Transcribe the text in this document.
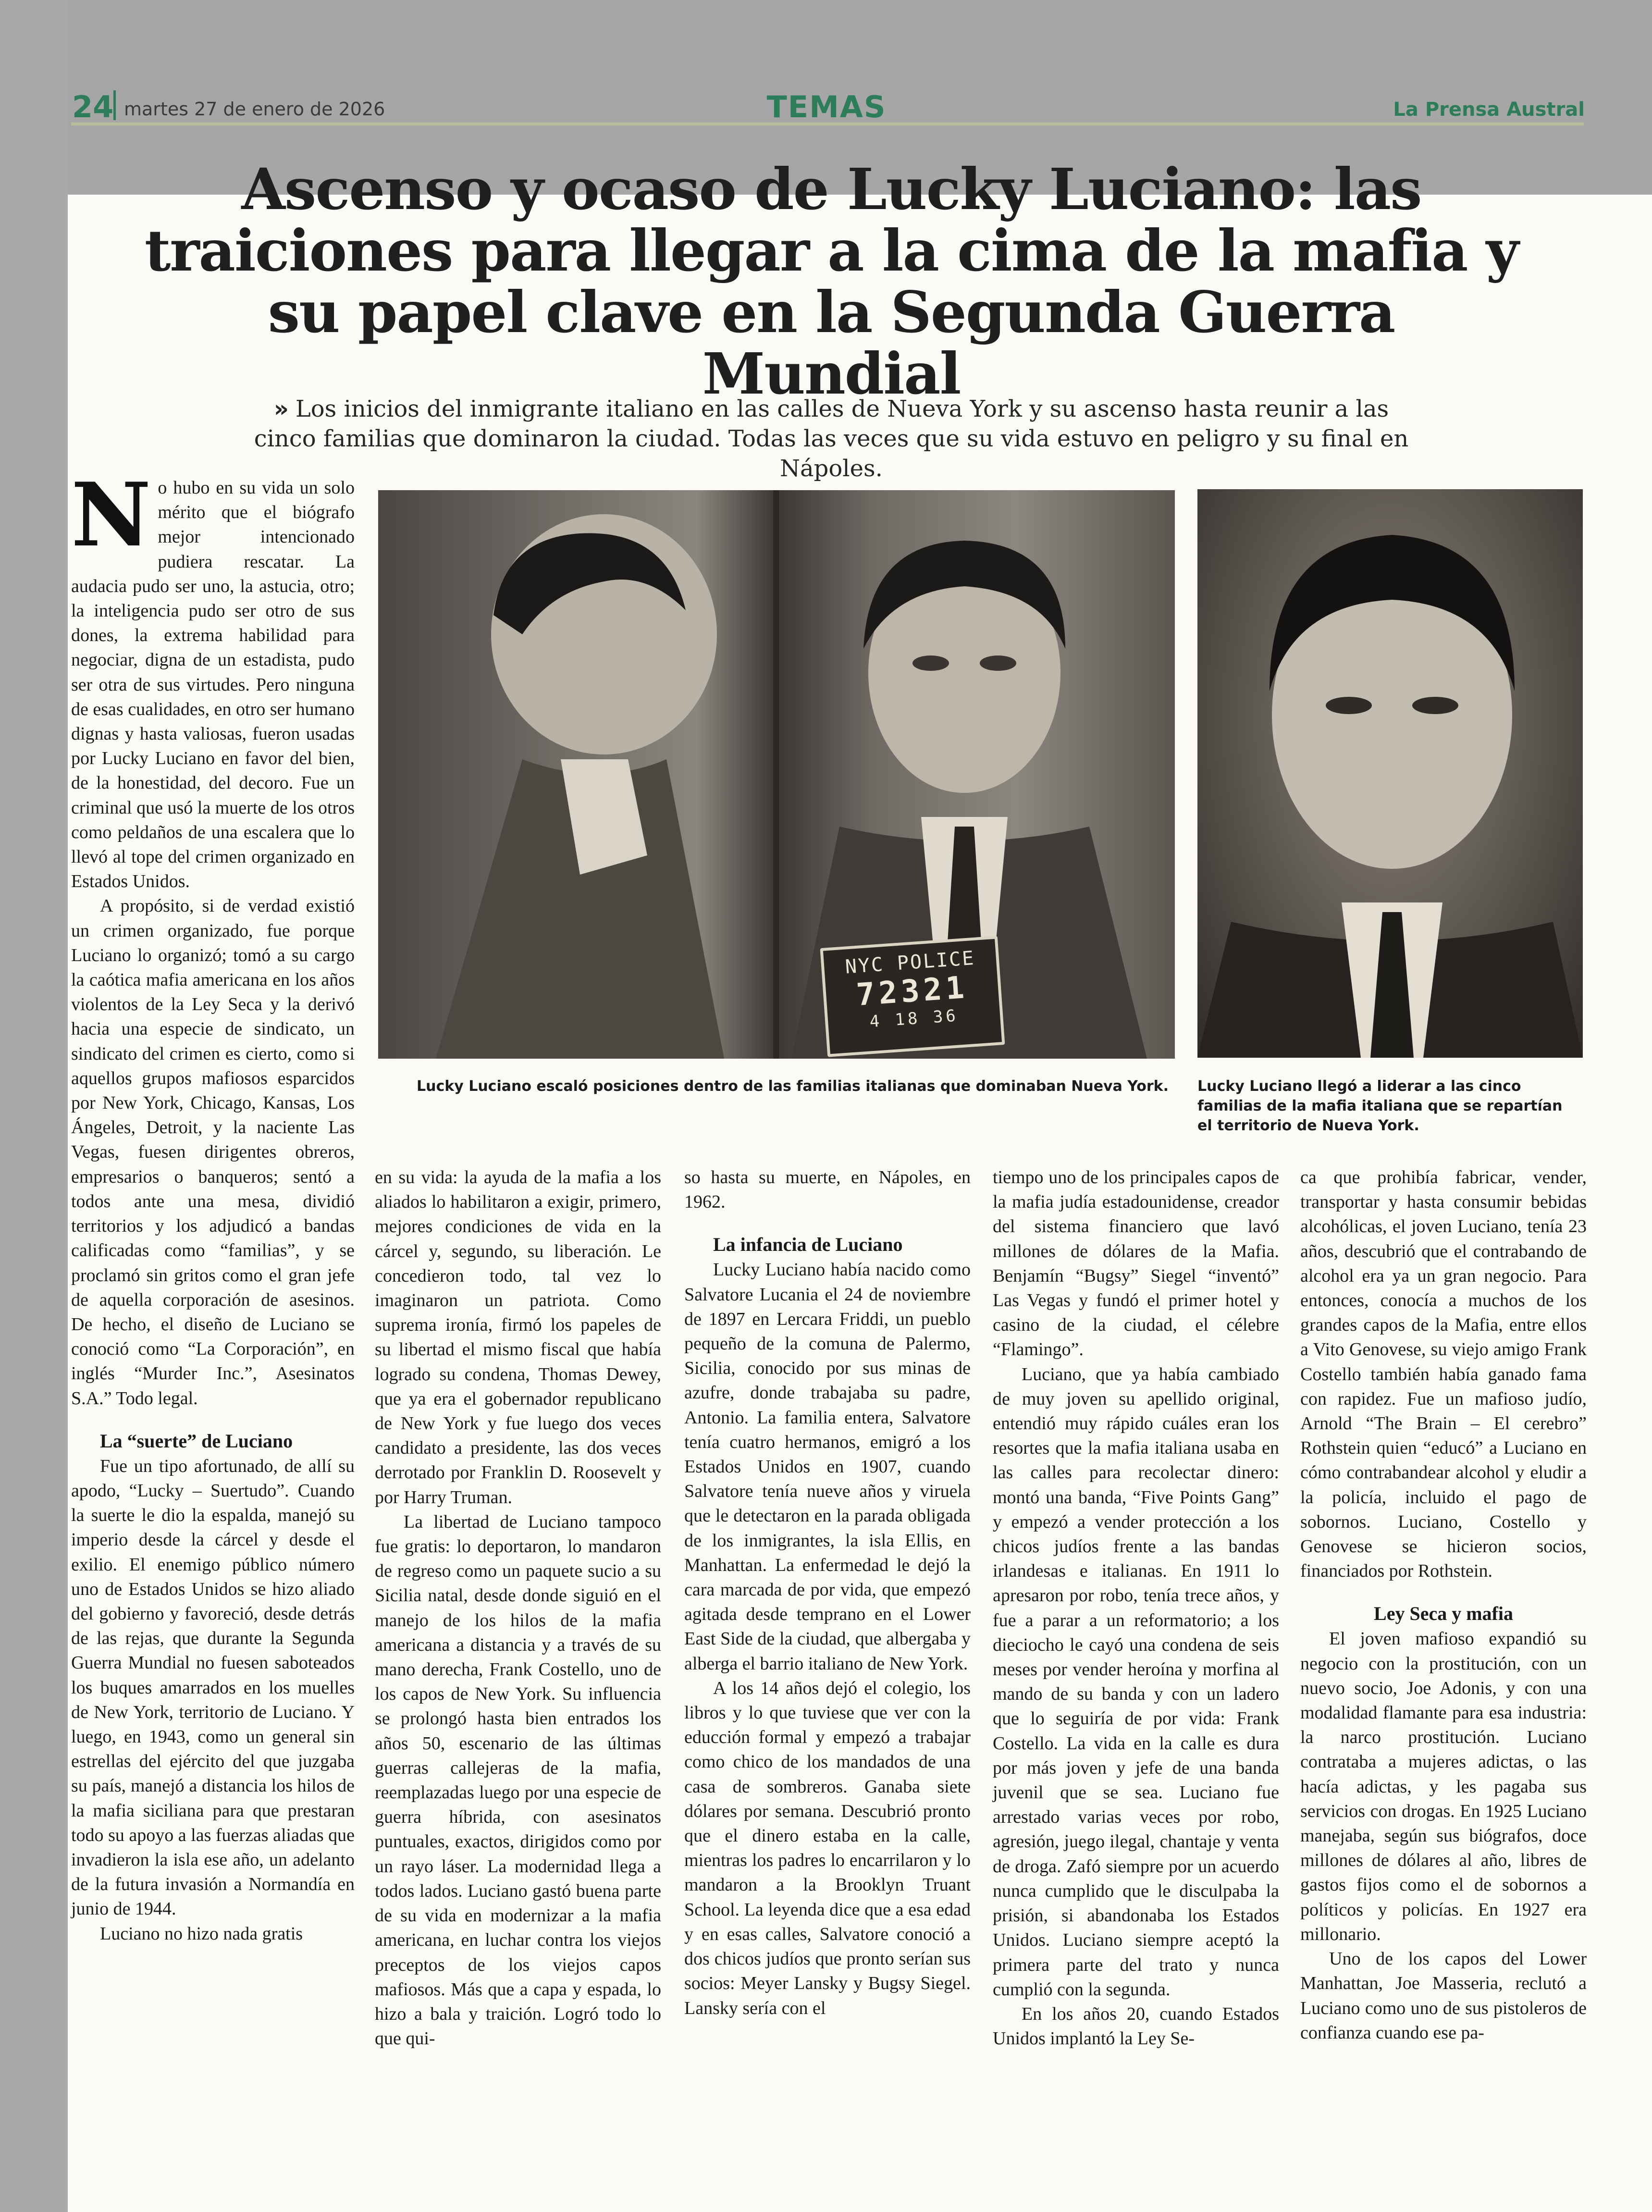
24 martes 27 de enero de 2026	TEMAS	La Prensa Austral
Ascenso y ocaso de Lucky Luciano: las traiciones para llegar a la cima de la mafia y su papel clave en la Segunda Guerra Mundial
» Los inicios del inmigrante italiano en las calles de Nueva York y su ascenso hasta reunir a las cinco familias que dominaron la ciudad. Todas las veces que su vida estuvo en peligro y su final en Nápoles.
NYC POLICE
72321
4 18 36
Lucky Luciano escaló posiciones dentro de las familias italianas que dominaban Nueva York.	Lucky Luciano llegó a liderar a las cinco familias de la mafia italiana que se repartían el territorio de Nueva York.

No hubo en su vida un solo mérito que el biógrafo mejor intencionado pudiera rescatar. La audacia pudo ser uno, la astucia, otro; la inteligencia pudo ser otro de sus dones, la extrema habilidad para negociar, digna de un estadista, pudo ser otra de sus virtudes. Pero ninguna de esas cualidades, en otro ser humano dignas y hasta valiosas, fueron usadas por Lucky Luciano en favor del bien, de la honestidad, del decoro. Fue un criminal que usó la muerte de los otros como peldaños de una escalera que lo llevó al tope del crimen organizado en Estados Unidos.

A propósito, si de verdad existió un crimen organizado, fue porque Luciano lo organizó; tomó a su cargo la caótica mafia americana en los años violentos de la Ley Seca y la derivó hacia una especie de sindicato, un sindicato del crimen es cierto, como si aquellos grupos mafiosos esparcidos por New York, Chicago, Kansas, Los Ángeles, Detroit, y la naciente Las Vegas, fuesen dirigentes obreros, empresarios o banqueros; sentó a todos ante una mesa, dividió territorios y los adjudicó a bandas calificadas como “familias”, y se proclamó sin gritos como el gran jefe de aquella corporación de asesinos. De hecho, el diseño de Luciano se conoció como “La Corporación”, en inglés “Murder Inc.”, Asesinatos S.A.” Todo legal.

La “suerte” de Luciano

Fue un tipo afortunado, de allí su apodo, “Lucky – Suertudo”. Cuando la suerte le dio la espalda, manejó su imperio desde la cárcel y desde el exilio. El enemigo público número uno de Estados Unidos se hizo aliado del gobierno y favoreció, desde detrás de las rejas, que durante la Segunda Guerra Mundial no fuesen saboteados los buques amarrados en los muelles de New York, territorio de Luciano. Y luego, en 1943, como un general sin estrellas del ejército del que juzgaba su país, manejó a distancia los hilos de la mafia siciliana para que prestaran todo su apoyo a las fuerzas aliadas que invadieron la isla ese año, un adelanto de la futura invasión a Normandía en junio de 1944.

Luciano no hizo nada gratis

en su vida: la ayuda de la mafia a los aliados lo habilitaron a exigir, primero, mejores condiciones de vida en la cárcel y, segundo, su liberación. Le concedieron todo, tal vez lo imaginaron un patriota. Como suprema ironía, firmó los papeles de su libertad el mismo fiscal que había logrado su condena, Thomas Dewey, que ya era el gobernador republicano de New York y fue luego dos veces candidato a presidente, las dos veces derrotado por Franklin D. Roosevelt y por Harry Truman.

La libertad de Luciano tampoco fue gratis: lo deportaron, lo mandaron de regreso como un paquete sucio a su Sicilia natal, desde donde siguió en el manejo de los hilos de la mafia americana a distancia y a través de su mano derecha, Frank Costello, uno de los capos de New York. Su influencia se prolongó hasta bien entrados los años 50, escenario de las últimas guerras callejeras de la mafia, reemplazadas luego por una especie de guerra híbrida, con asesinatos puntuales, exactos, dirigidos como por un rayo láser. La modernidad llega a todos lados. Luciano gastó buena parte de su vida en modernizar a la mafia americana, en luchar contra los viejos preceptos de los viejos capos mafiosos. Más que a capa y espada, lo hizo a bala y traición. Logró todo lo que qui-

so hasta su muerte, en Nápoles, en 1962.

La infancia de Luciano

Lucky Luciano había nacido como Salvatore Lucania el 24 de noviembre de 1897 en Lercara Friddi, un pueblo pequeño de la comuna de Palermo, Sicilia, conocido por sus minas de azufre, donde trabajaba su padre, Antonio. La familia entera, Salvatore tenía cuatro hermanos, emigró a los Estados Unidos en 1907, cuando Salvatore tenía nueve años y viruela que le detectaron en la parada obligada de los inmigrantes, la isla Ellis, en Manhattan. La enfermedad le dejó la cara marcada de por vida, que empezó agitada desde temprano en el Lower East Side de la ciudad, que albergaba y alberga el barrio italiano de New York.

A los 14 años dejó el colegio, los libros y lo que tuviese que ver con la educción formal y empezó a trabajar como chico de los mandados de una casa de sombreros. Ganaba siete dólares por semana. Descubrió pronto que el dinero estaba en la calle, mientras los padres lo encarrilaron y lo mandaron a la Brooklyn Truant School. La leyenda dice que a esa edad y en esas calles, Salvatore conoció a dos chicos judíos que pronto serían sus socios: Meyer Lansky y Bugsy Siegel. Lansky sería con el

tiempo uno de los principales capos de la mafia judía estadounidense, creador del sistema financiero que lavó millones de dólares de la Mafia. Benjamín “Bugsy” Siegel “inventó” Las Vegas y fundó el primer hotel y casino de la ciudad, el célebre “Flamingo”.

Luciano, que ya había cambiado de muy joven su apellido original, entendió muy rápido cuáles eran los resortes que la mafia italiana usaba en las calles para recolectar dinero: montó una banda, “Five Points Gang” y empezó a vender protección a los chicos judíos frente a las bandas irlandesas e italianas. En 1911 lo apresaron por robo, tenía trece años, y fue a parar a un reformatorio; a los dieciocho le cayó una condena de seis meses por vender heroína y morfina al mando de su banda y con un ladero que lo seguiría de por vida: Frank Costello. La vida en la calle es dura por más joven y jefe de una banda juvenil que se sea. Luciano fue arrestado varias veces por robo, agresión, juego ilegal, chantaje y venta de droga. Zafó siempre por un acuerdo nunca cumplido que le disculpaba la prisión, si abandonaba los Estados Unidos. Luciano siempre aceptó la primera parte del trato y nunca cumplió con la segunda.

En los años 20, cuando Estados Unidos implantó la Ley Se-

ca que prohibía fabricar, vender, transportar y hasta consumir bebidas alcohólicas, el joven Luciano, tenía 23 años, descubrió que el contrabando de alcohol era ya un gran negocio. Para entonces, conocía a muchos de los grandes capos de la Mafia, entre ellos a Vito Genovese, su viejo amigo Frank Costello también había ganado fama con rapidez. Fue un mafioso judío, Arnold “The Brain – El cerebro” Rothstein quien “educó” a Luciano en cómo contrabandear alcohol y eludir a la policía, incluido el pago de sobornos. Luciano, Costello y Genovese se hicieron socios, financiados por Rothstein.

Ley Seca y mafia

El joven mafioso expandió su negocio con la prostitución, con un nuevo socio, Joe Adonis, y con una modalidad flamante para esa industria: la narco prostitución. Luciano contrataba a mujeres adictas, o las hacía adictas, y les pagaba sus servicios con drogas. En 1925 Luciano manejaba, según sus biógrafos, doce millones de dólares al año, libres de gastos fijos como el de sobornos a políticos y policías. En 1927 era millonario.

Uno de los capos del Lower Manhattan, Joe Masseria, reclutó a Luciano como uno de sus pistoleros de confianza cuando ese pa-
